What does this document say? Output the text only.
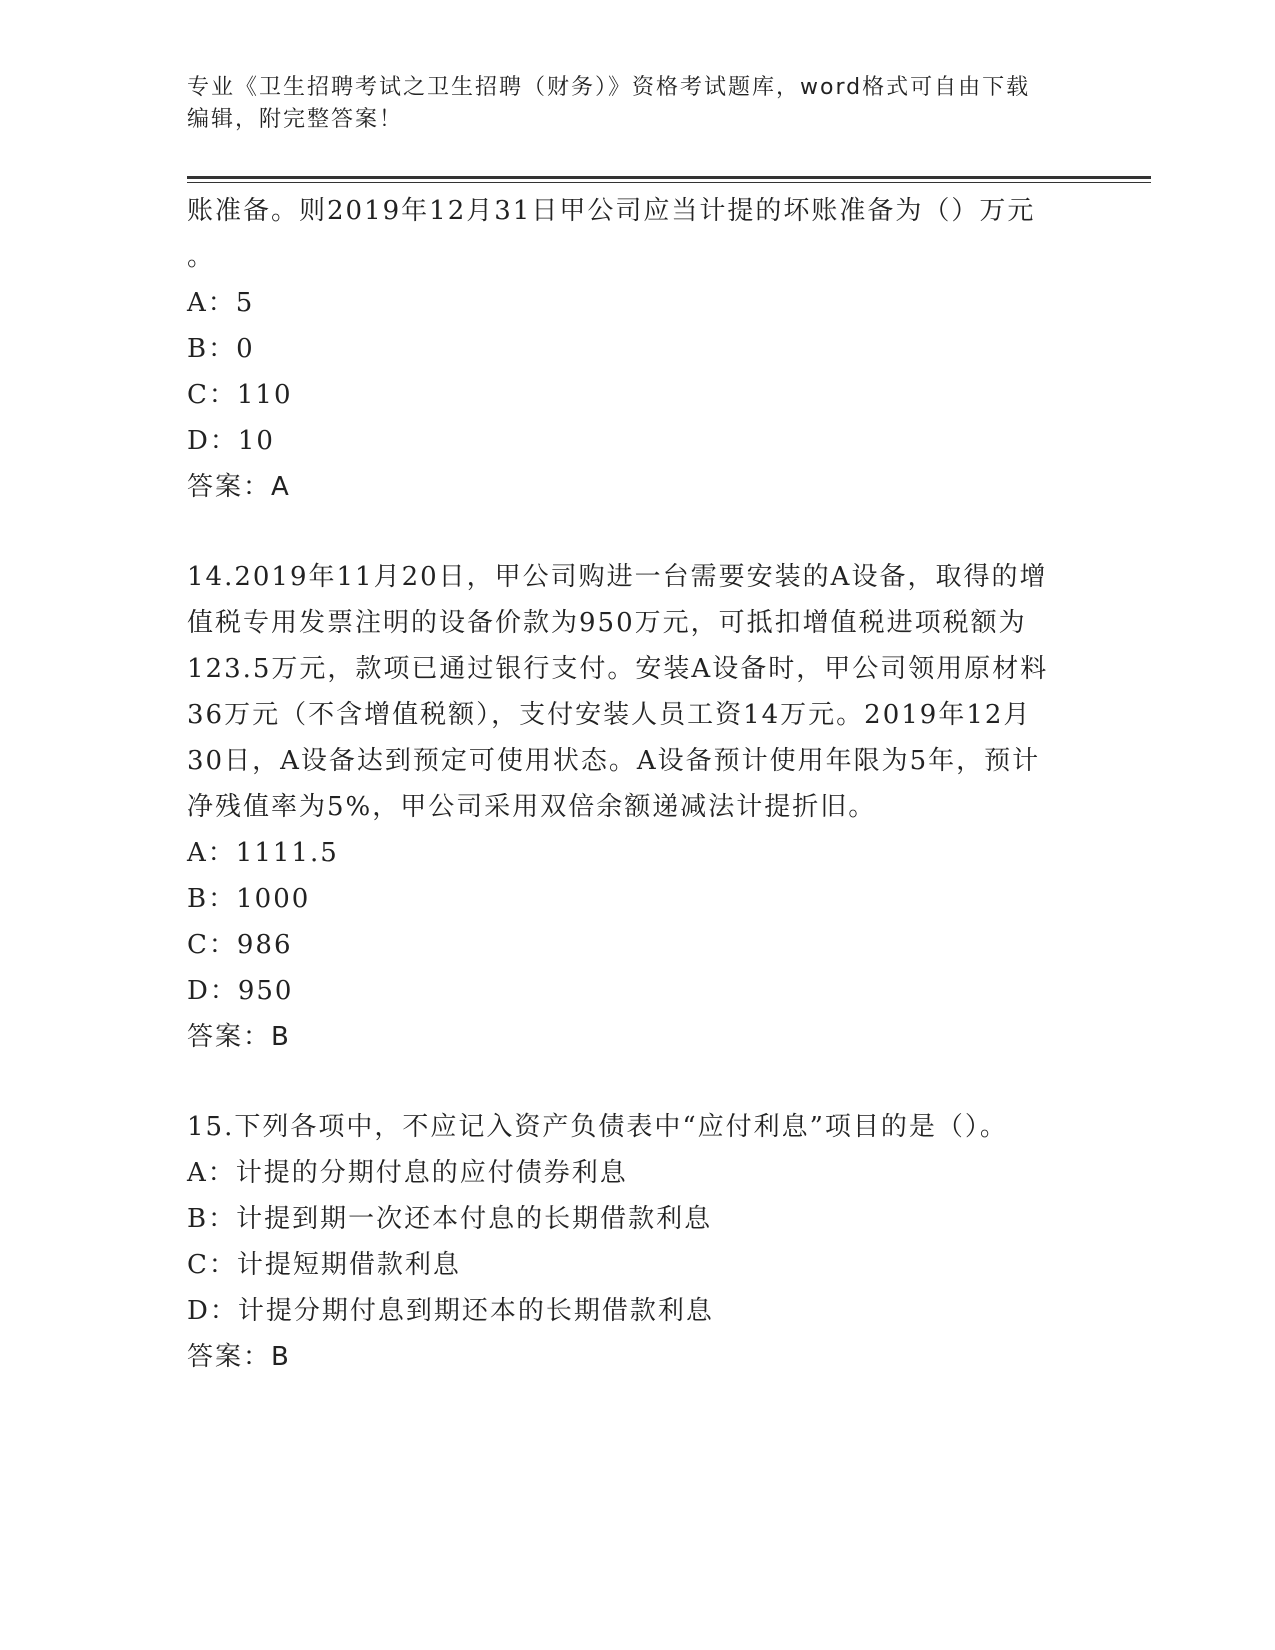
专业《卫生招聘考试之卫生招聘（财务）》资格考试题库，word格式可自由下载
编辑，附完整答案！

账准备。则2019年12月31日甲公司应当计提的坏账准备为（）万元

。

A：5

B：0

C：110

D：10

答案：A

14.2019年11月20日，甲公司购进一台需要安装的A设备，取得的增

值税专用发票注明的设备价款为950万元，可抵扣增值税进项税额为

123.5万元，款项已通过银行支付。安装A设备时，甲公司领用原材料

36万元（不含增值税额），支付安装人员工资14万元。2019年12月

30日，A设备达到预定可使用状态。A设备预计使用年限为5年，预计

净残值率为5%，甲公司采用双倍余额递减法计提折旧。

A：1111.5

B：1000

C：986

D：950

答案：B

15.下列各项中，不应记入资产负债表中“应付利息”项目的是（）。

A：计提的分期付息的应付债券利息

B：计提到期一次还本付息的长期借款利息

C：计提短期借款利息

D：计提分期付息到期还本的长期借款利息

答案：B
